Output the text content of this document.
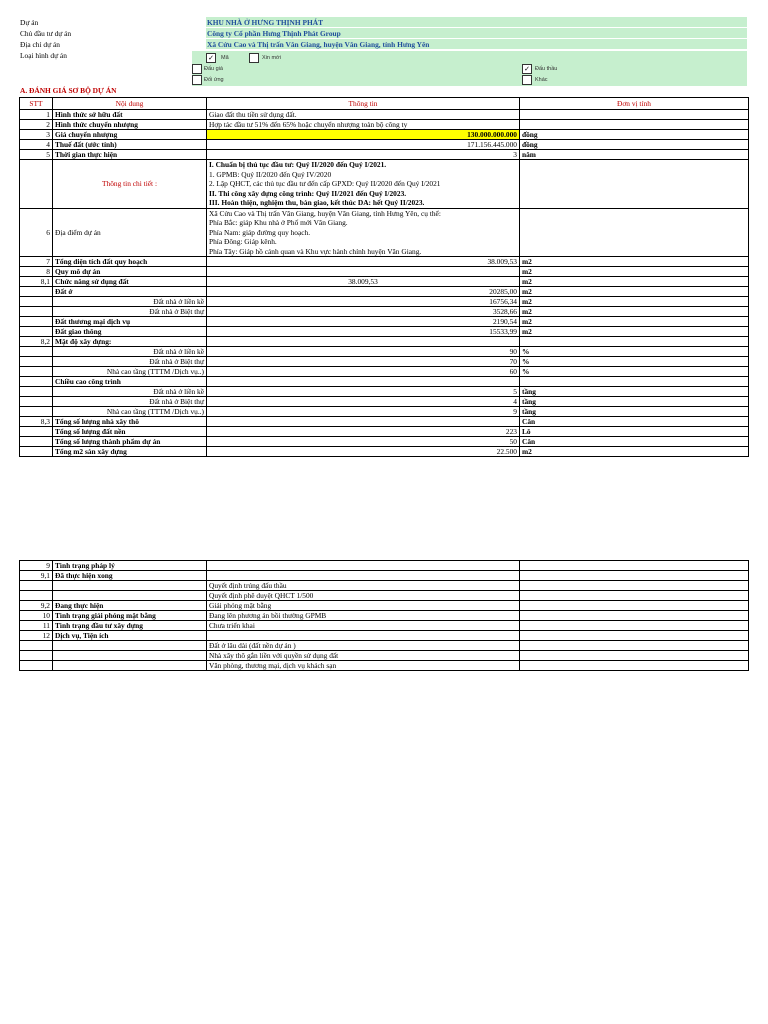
Dự án	KHU NHÀ Ở HƯNG THỊNH PHÁT
Chủ đầu tư dự án	Công ty Cổ phần Hưng Thịnh Phát Group
Địa chỉ dự án	Xã Cửu Cao và Thị trấn Văn Giang, huyện Văn Giang, tỉnh Hưng Yên
Loại hình dự án	✓	Mã	Xin mới
Đấu giá
Đối ứng
✓ Đấu thầu
Khác
A. ĐÁNH GIÁ SƠ BỘ DỰ ÁN
STT	Nội dung	Thông tin	Đơn vị tính
1	Hình thức sở hữu đất	Giao đất thu tiền sử dụng đất.	
2	Hình thức chuyển nhượng	Hợp tác đầu tư 51% đến 65% hoặc chuyển nhượng toàn bộ công ty	
3	Giá chuyển nhượng	130.000.000.000	đồng
4	Thuế đất (ước tính)	171.156.445.000	đồng
5	Thời gian thực hiện	3	năm
	Thông tin chi tiết :	I. Chuẩn bị thủ tục đầu tư: Quý II/2020 đến Quý I/2021.
1. GPMB: Quý II/2020 đến Quý IV/2020
2. Lập QHCT, các thủ tục đầu tư đến cấp GPXD: Quý II/2020 đến Quý I/2021
II. Thi công xây dựng công trình: Quý II/2021 đến Quý I/2023.
III. Hoàn thiện, nghiệm thu, bàn giao, kết thúc DA: hết Quý II/2023.	

6	Địa điểm dự án	Xã Cửu Cao và Thị trấn Văn Giang, huyện Văn Giang, tỉnh Hưng Yên, cụ thể:
Phía Bắc: giáp Khu nhà ở Phố mới Văn Giang.
Phía Nam: giáp đường quy hoạch.
Phía Đông: Giáp kênh.
Phía Tây: Giáp hồ cảnh quan và Khu vực hành chính huyện Văn Giang.	

7	Tổng diện tích đất quy hoạch	38.009,53	m2
8	Quy mô dự án		m2
8,1	Chức năng sử dụng đất	38.009,53	m2
	Đất ở	20285,00	m2
	Đất nhà ở liền kề	16756,34	m2
	Đất nhà ở Biệt thự	3528,66	m2
	Đất thương mại dịch vụ	2190,54	m2
	Đất giao thông	15533,99	m2
8,2	Mật độ xây dựng:		
	Đất nhà ở liền kề	90	%
	Đất nhà ở Biệt thự	70	%
	Nhà cao tầng (TTTM /Dịch vụ..)	60	%
	Chiều cao công trình		
	Đất nhà ở liền kề	5	tầng
	Đất nhà ở Biệt thự	4	tầng
	Nhà cao tầng (TTTM /Dịch vụ..)	9	tầng
8,3	Tổng số lượng nhà xây thô		Căn
	Tổng số lượng đất nền	223	Lô
	Tổng số lượng thành phẩm dự án	50	Căn
	Tổng m2 sàn xây dựng	22.500	m2
9	Tình trạng pháp lý		
9,1	Đã thực hiện xong		
		Quyết định trúng đấu thầu	
		Quyết định phê duyệt QHCT 1/500	
9,2	Đang thực hiện	Giải phóng mặt bằng	
10	Tình trạng giải phóng mặt bằng	Đang lên phương án bồi thường GPMB	
11	Tình trạng đầu tư xây dựng	Chưa triển khai	
12	Dịch vụ, Tiện ích		
		Đất ở lâu dài (đất nền dự án )	
		Nhà xây thô gắn liền với quyền sử dụng đất	
		Văn phòng, thương mại, dịch vụ khách sạn	
